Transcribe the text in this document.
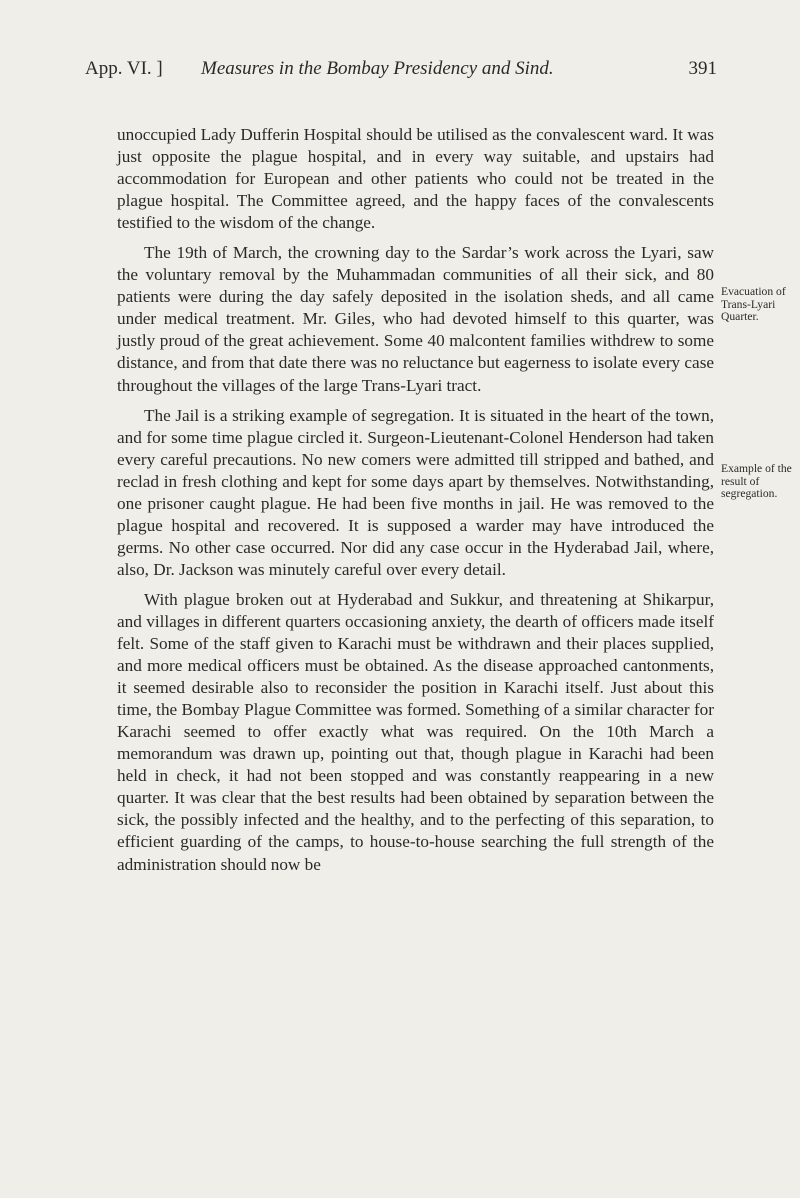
App. VI. ] Measures in the Bombay Presidency and Sind.	391

unoccupied Lady Dufferin Hospital should be utilised as the convalescent ward. It was just opposite the plague hospital, and in every way suitable, and upstairs had accommodation for European and other patients who could not be treated in the plague hospital. The Committee agreed, and the happy faces of the convalescents testified to the wisdom of the change.

The 19th of March, the crowning day to the Sardar’s work across the Lyari, saw the voluntary removal by the Muhammadan communities of all their sick, and 80 patients were during the day safely deposited in the isolation sheds, and all came under medical treatment. Mr. Giles, who had devoted himself to this quarter, was justly proud of the great achievement. Some 40 malcontent families withdrew to some distance, and from that date there was no reluctance but eagerness to isolate every case throughout the villages of the large Trans-Lyari tract.

The Jail is a striking example of segregation. It is situated in the heart of the town, and for some time plague circled it. Surgeon-Lieutenant-Colonel Henderson had taken every careful precautions. No new comers were admitted till stripped and bathed, and reclad in fresh clothing and kept for some days apart by themselves. Notwithstanding, one prisoner caught plague. He had been five months in jail. He was removed to the plague hospital and recovered. It is supposed a warder may have introduced the germs. No other case occurred. Nor did any case occur in the Hyderabad Jail, where, also, Dr. Jackson was minutely careful over every detail.

With plague broken out at Hyderabad and Sukkur, and threatening at Shikarpur, and villages in different quarters occasioning anxiety, the dearth of officers made itself felt. Some of the staff given to Karachi must be withdrawn and their places supplied, and more medical officers must be obtained. As the disease approached cantonments, it seemed desirable also to reconsider the position in Karachi itself. Just about this time, the Bombay Plague Committee was formed. Something of a similar character for Karachi seemed to offer exactly what was required. On the 10th March a memorandum was drawn up, pointing out that, though plague in Karachi had been held in check, it had not been stopped and was constantly reappearing in a new quarter. It was clear that the best results had been obtained by separation between the sick, the possibly infected and the healthy, and to the perfecting of this separation, to efficient guarding of the camps, to house-to-house searching the full strength of the administration should now be

Evacuation of Trans-Lyari Quarter.
Example of the result of segregation.
